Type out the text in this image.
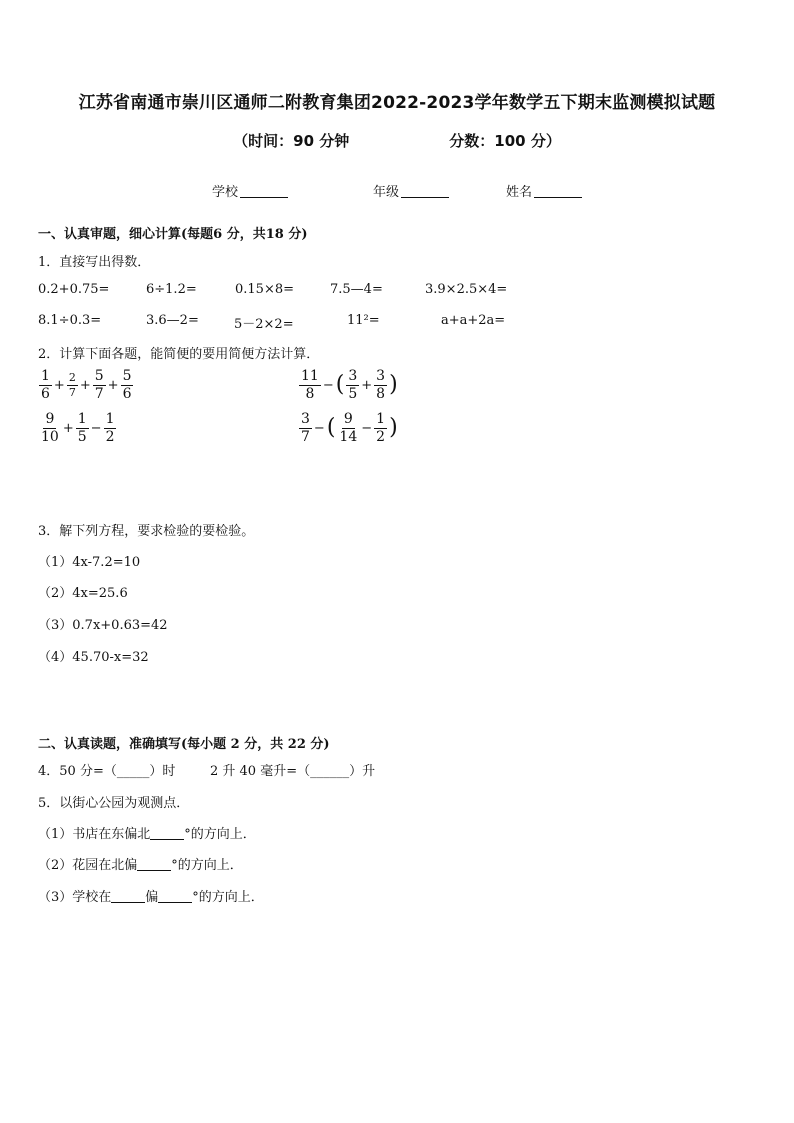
江苏省南通市崇川区通师二附教育集团2022-2023学年数学五下期末监测模拟试题
（时间：90 分钟	分数：100 分）
学校	年级	姓名
一、认真审题，细心计算(每题6 分，共18 分)
1．直接写出得数．
0.2+0.75=	6÷1.2=	0.15×8=	7.5—4=	3.9×2.5×4=
8.1÷0.3=	3.6—2=	5－2×2=	11²=	a+a+2a=
2．计算下面各题，能简便的要用简便方法计算．
$\frac{1}{6} + \frac{2}{7} + \frac{5}{7} + \frac{5}{6}$	$\frac{11}{8}$ − ( $\frac{3}{5} + \frac{3}{8}$ )
$\frac{9}{10} + \frac{1}{5} - \frac{1}{2}$	$\frac{3}{7}$ − ( $\frac{9}{14} - \frac{1}{2}$ )
3．解下列方程，要求检验的要检验。
（1）4x-7.2=10
（2）4x=25.6
（3）0.7x+0.63=42
（4）45.70-x=32
二、认真读题，准确填写(每小题 2 分，共 22 分)
4．50 分=（_____）时	2 升 40 毫升=（______）升
5．以街心公园为观测点．
（1）书店在东偏北	°的方向上．
（2）花园在北偏	°的方向上．
（3）学校在	偏	°的方向上．
